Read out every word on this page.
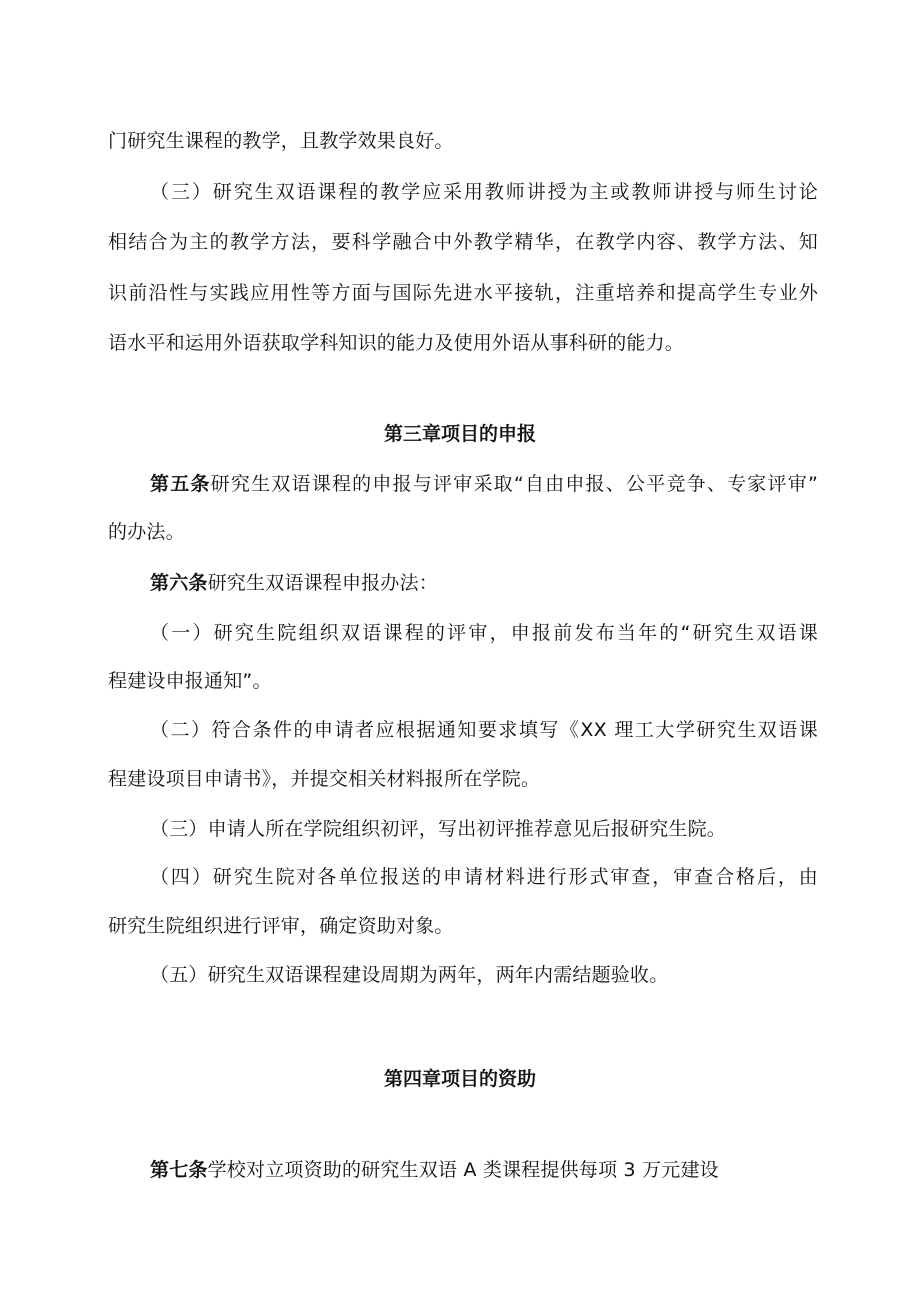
门研究生课程的教学，且教学效果良好。
（三）研究生双语课程的教学应采用教师讲授为主或教师讲授与师生讨论
相结合为主的教学方法，要科学融合中外教学精华，在教学内容、教学方法、知
识前沿性与实践应用性等方面与国际先进水平接轨，注重培养和提高学生专业外
语水平和运用外语获取学科知识的能力及使用外语从事科研的能力。
第三章项目的申报
第五条研究生双语课程的申报与评审采取“自由申报、公平竞争、专家评审”
的办法。
第六条研究生双语课程申报办法：
（一）研究生院组织双语课程的评审，申报前发布当年的“研究生双语课
程建设申报通知”。
（二）符合条件的申请者应根据通知要求填写《XX 理工大学研究生双语课
程建设项目申请书》，并提交相关材料报所在学院。
（三）申请人所在学院组织初评，写出初评推荐意见后报研究生院。
（四）研究生院对各单位报送的申请材料进行形式审查，审查合格后，由
研究生院组织进行评审，确定资助对象。
（五）研究生双语课程建设周期为两年，两年内需结题验收。
第四章项目的资助
第七条学校对立项资助的研究生双语 A 类课程提供每项 3 万元建设
